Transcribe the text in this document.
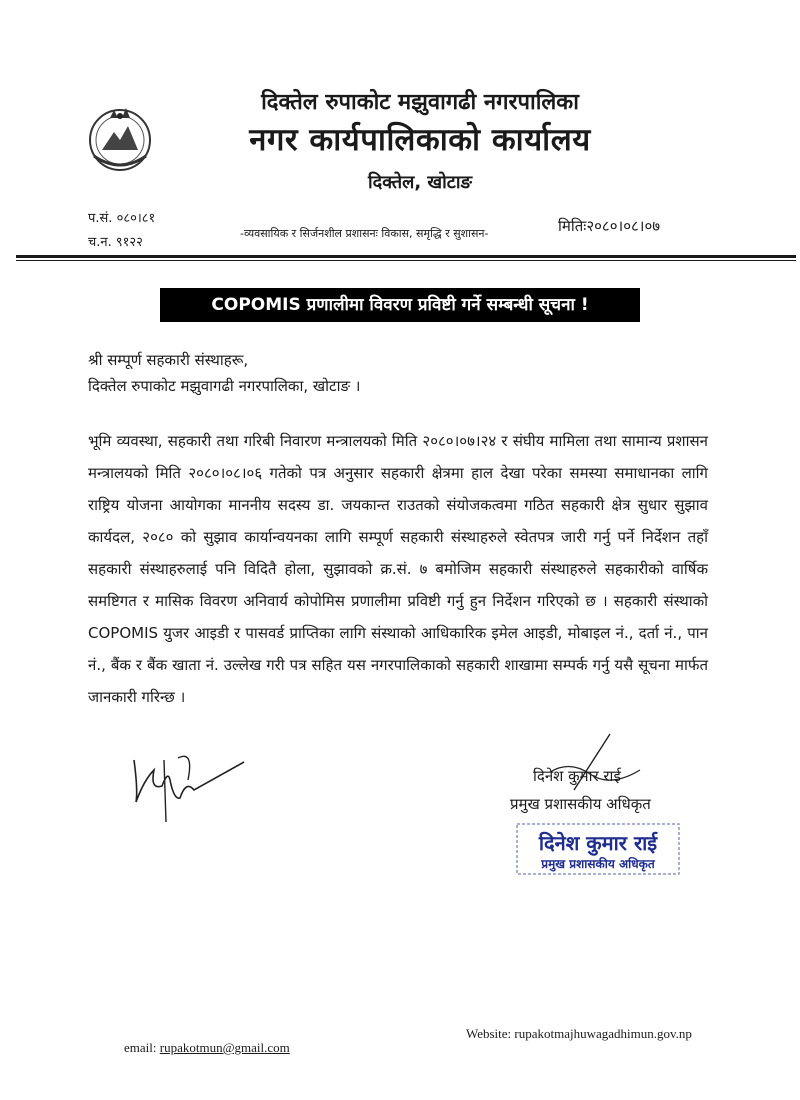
दिक्तेल रुपाकोट मझुवागढी नगरपालिका
नगर कार्यपालिकाको कार्यालय
दिक्तेल, खोटाङ
प.सं. ०८०।८१
च.न. ९१२२
-व्यवसायिक र सिर्जनशील प्रशासनः विकास, समृद्धि र सुशासन-	मितिः२०८०।०८।०७
COPOMIS प्रणालीमा विवरण प्रविष्टी गर्ने सम्बन्धी सूचना !
श्री सम्पूर्ण सहकारी संस्थाहरू,
दिक्तेल रुपाकोट मझुवागढी नगरपालिका, खोटाङ ।
भूमि व्यवस्था, सहकारी तथा गरिबी निवारण मन्त्रालयको मिति २०८०।०७।२४ र संघीय मामिला तथा सामान्य प्रशासन मन्त्रालयको मिति २०८०।०८।०६ गतेको पत्र अनुसार सहकारी क्षेत्रमा हाल देखा परेका समस्या समाधानका लागि राष्ट्रिय योजना आयोगका माननीय सदस्य डा. जयकान्त राउतको संयोजकत्वमा गठित सहकारी क्षेत्र सुधार सुझाव कार्यदल, २०८० को सुझाव कार्यान्वयनका लागि सम्पूर्ण सहकारी संस्थाहरुले स्वेतपत्र जारी गर्नु पर्ने निर्देशन तहाँ सहकारी संस्थाहरुलाई पनि विदितै होला, सुझावको क्र.सं. ७ बमोजिम सहकारी संस्थाहरुले सहकारीको वार्षिक समष्टिगत र मासिक विवरण अनिवार्य कोपोमिस प्रणालीमा प्रविष्टी गर्नु हुन निर्देशन गरिएको छ । सहकारी संस्थाको COPOMIS युजर आइडी र पासवर्ड प्राप्तिका लागि संस्थाको आधिकारिक इमेल आइडी, मोबाइल नं., दर्ता नं., पान नं., बैंक र बैंक खाता नं. उल्लेख गरी पत्र सहित यस नगरपालिकाको सहकारी शाखामा सम्पर्क गर्नु यसै सूचना मार्फत जानकारी गरिन्छ ।
दिनेश कुमार राई
प्रमुख प्रशासकीय अधिकृत
दिनेश कुमार राई
प्रमुख प्रशासकीय अधिकृत
email: rupakotmun@gmail.com
Website: rupakotmajhuwagadhimun.gov.np
